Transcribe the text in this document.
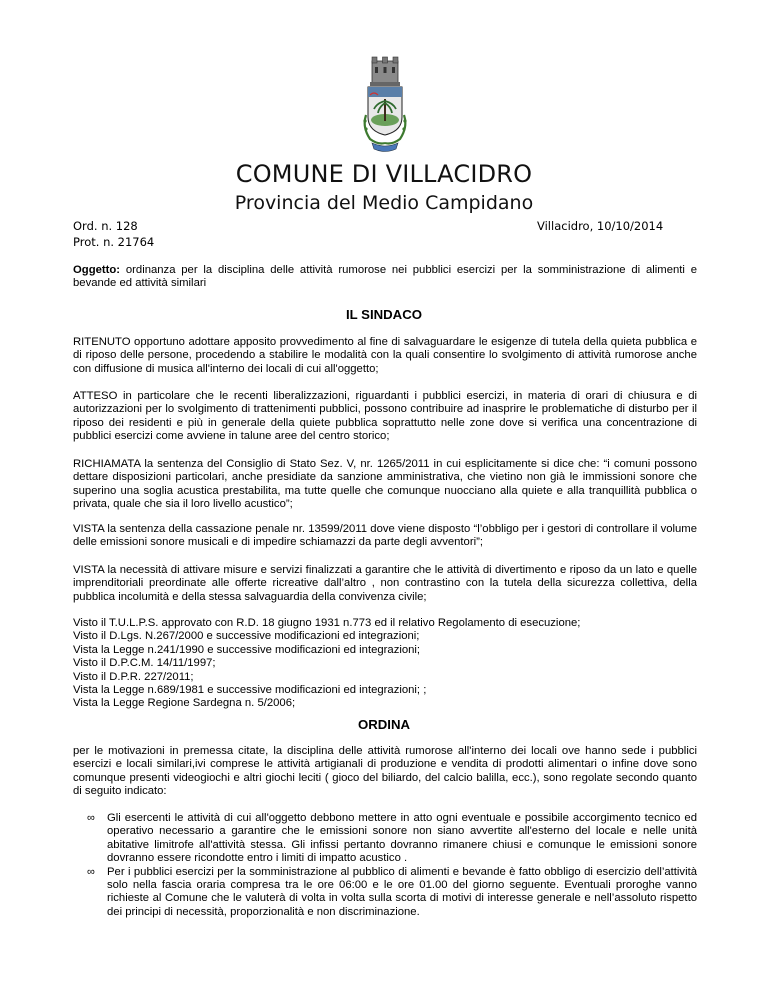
COMUNE DI VILLACIDRO
Provincia del Medio Campidano
Ord. n. 128
Prot. n. 21764
Villacidro, 10/10/2014

Oggetto: ordinanza per la disciplina delle attività rumorose nei pubblici esercizi per la somministrazione di alimenti e bevande ed attività similari

IL SINDACO

RITENUTO opportuno adottare apposito provvedimento al fine di salvaguardare le esigenze di tutela della quieta pubblica e di riposo delle persone, procedendo a stabilire le modalità con la quali consentire lo svolgimento di attività rumorose anche con diffusione di musica all'interno dei locali di cui all'oggetto;

ATTESO in particolare che le recenti liberalizzazioni, riguardanti i pubblici esercizi, in materia di orari di chiusura e di autorizzazioni per lo svolgimento di trattenimenti pubblici, possono contribuire ad inasprire le problematiche di disturbo per il riposo dei residenti e più in generale della quiete pubblica soprattutto nelle zone dove si verifica una concentrazione di pubblici esercizi come avviene in talune aree del centro storico;

RICHIAMATA la sentenza del Consiglio di Stato Sez. V, nr. 1265/2011 in cui esplicitamente si dice che: “i comuni possono dettare disposizioni particolari, anche presidiate da sanzione amministrativa, che vietino non già le immissioni sonore che superino una soglia acustica prestabilita, ma tutte quelle che comunque nuocciano alla quiete e alla tranquillità pubblica o privata, quale che sia il loro livello acustico”;

VISTA la sentenza della cassazione penale nr. 13599/2011 dove viene disposto “l’obbligo per i gestori di controllare il volume delle emissioni sonore musicali e di impedire schiamazzi da parte degli avventori”;

VISTA la necessità di attivare misure e servizi finalizzati a garantire che le attività di divertimento e riposo da un lato e quelle imprenditoriali preordinate alle offerte ricreative dall’altro , non contrastino con la tutela della sicurezza collettiva, della pubblica incolumità e della stessa salvaguardia della convivenza civile;

Visto il T.U.L.P.S. approvato con R.D. 18 giugno 1931 n.773 ed il relativo Regolamento di esecuzione;

Visto il D.Lgs. N.267/2000 e successive modificazioni ed integrazioni;

Vista la Legge n.241/1990 e successive modificazioni ed integrazioni;

Visto il D.P.C.M. 14/11/1997;

Visto il D.P.R. 227/2011;

Vista la Legge n.689/1981 e successive modificazioni ed integrazioni; ;

Vista la Legge Regione Sardegna n. 5/2006;

ORDINA

per le motivazioni in premessa citate, la disciplina delle attività rumorose all'interno dei locali ove hanno sede i pubblici esercizi e locali similari,ivi comprese le attività artigianali di produzione e vendita di prodotti alimentari o infine dove sono comunque presenti videogiochi e altri giochi leciti ( gioco del biliardo, del calcio balilla, ecc.), sono regolate secondo quanto di seguito indicato:

∞ Gli esercenti le attività di cui all'oggetto debbono mettere in atto ogni eventuale e possibile accorgimento tecnico ed operativo necessario a garantire che le emissioni sonore non siano avvertite all'esterno del locale e nelle unità abitative limitrofe all'attività stessa. Gli infissi pertanto dovranno rimanere chiusi e comunque le emissioni sonore dovranno essere ricondotte entro i limiti di impatto acustico .
∞ Per i pubblici esercizi per la somministrazione al pubblico di alimenti e bevande è fatto obbligo di esercizio dell’attività solo nella fascia oraria compresa tra le ore 06:00 e le ore 01.00 del giorno seguente. Eventuali proroghe vanno richieste al Comune che le valuterà di volta in volta sulla scorta di motivi di interesse generale e nell’assoluto rispetto dei principi di necessità, proporzionalità e non discriminazione.
